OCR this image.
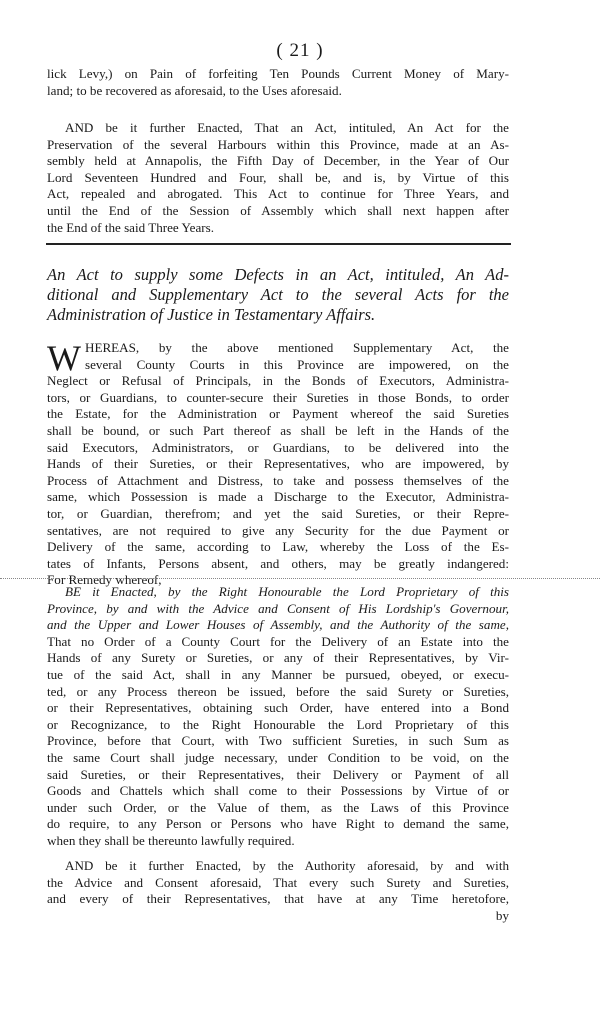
( 21 )
lick Levy,) on Pain of forfeiting Ten Pounds Current Money of Mary-
land; to be recovered as aforesaid, to the Uses aforesaid.
AND be it further Enacted, That an Act, intituled, An Act for the
Preservation of the several Harbours within this Province, made at an As-
sembly held at Annapolis, the Fifth Day of December, in the Year of Our
Lord Seventeen Hundred and Four, shall be, and is, by Virtue of this
Act, repealed and abrogated. This Act to continue for Three Years, and
until the End of the Session of Assembly which shall next happen after
the End of the said Three Years.
An Act to supply some Defects in an Act, intituled, An Ad-
ditional and Supplementary Act to the several Acts for the
Administration of Justice in Testamentary Affairs.
W HEREAS, by the above mentioned Supplementary Act, the
several County Courts in this Province are impowered, on the
Neglect or Refusal of Principals, in the Bonds of Executors, Administra-
tors, or Guardians, to counter-secure their Sureties in those Bonds, to order
the Estate, for the Administration or Payment whereof the said Sureties
shall be bound, or such Part thereof as shall be left in the Hands of the
said Executors, Administrators, or Guardians, to be delivered into the
Hands of their Sureties, or their Representatives, who are impowered, by
Process of Attachment and Distress, to take and possess themselves of the
same, which Possession is made a Discharge to the Executor, Administra-
tor, or Guardian, therefrom; and yet the said Sureties, or their Repre-
sentatives, are not required to give any Security for the due Payment or
Delivery of the same, according to Law, whereby the Loss of the Es-
tates of Infants, Persons absent, and others, may be greatly indangered:
For Remedy whereof,
BE it Enacted, by the Right Honourable the Lord Proprietary of this
Province, by and with the Advice and Consent of His Lordship's Governour,
and the Upper and Lower Houses of Assembly, and the Authority of the same,
That no Order of a County Court for the Delivery of an Estate into the
Hands of any Surety or Sureties, or any of their Representatives, by Vir-
tue of the said Act, shall in any Manner be pursued, obeyed, or execu-
ted, or any Process thereon be issued, before the said Surety or Sureties,
or their Representatives, obtaining such Order, have entered into a Bond
or Recognizance, to the Right Honourable the Lord Proprietary of this
Province, before that Court, with Two sufficient Sureties, in such Sum as
the same Court shall judge necessary, under Condition to be void, on the
said Sureties, or their Representatives, their Delivery or Payment of all
Goods and Chattels which shall come to their Possessions by Virtue of or
under such Order, or the Value of them, as the Laws of this Province
do require, to any Person or Persons who have Right to demand the same,
when they shall be thereunto lawfully required.
AND be it further Enacted, by the Authority aforesaid, by and with
the Advice and Consent aforesaid, That every such Surety and Sureties,
and every of their Representatives, that have at any Time heretofore,
by
